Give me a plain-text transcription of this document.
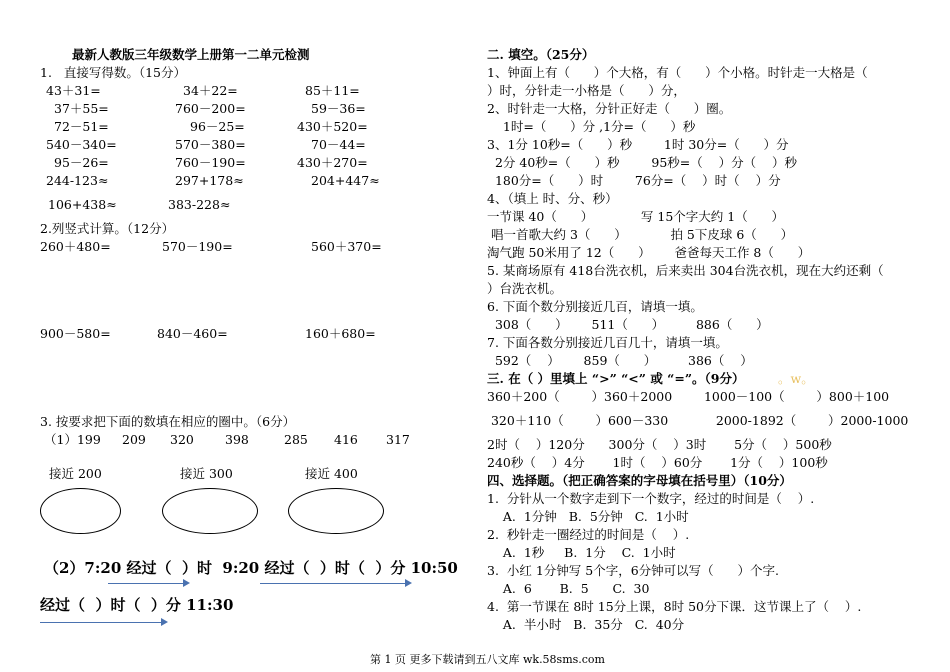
最新人教版三年级数学上册第一二单元检测
1.   直接写得数。（15分）
43＋31=	34＋22=	85＋11=
37＋55=	760－200=	59－36=
72－51=	96－25=	430＋520=
540－340=	570－380=	70－44=
95－26=	760－190=	430＋270=
244-123≈	297+178≈	204+447≈
106+438≈	383-228≈
2.列竖式计算。（12分）
260＋480=	570－190=	560＋370=
900－580=	840－460=	160＋680=
3. 按要求把下面的数填在相应的圈中。（6分）
（1）199 209 320 398	285 416 317
接近 200	接近 300	接近 400
（2）7:20 经过（  ）时  9:20 经过（  ）时（  ）分 10:50
经过（  ）时（  ）分 11:30
二. 填空。（25分）
1、钟面上有（      ）个大格，有（      ）个小格。时针走一大格是（
）时，分针走一小格是（      ）分，
2、时针走一大格，分针正好走（      ）圈。
1时=（      ）分 ,1分=（      ）秒
3、1分 10秒=（      ）秒        1时 30分=（      ）分
2分 40秒=（      ）秒        95秒=（    ）分（    ）秒
180分=（      ）时        76分=（    ）时（    ）分
4、（填上 时、分、秒）
一节课 40（      ）            写 15个字大约 1（      ）
唱一首歌大约 3（      ）           拍 5下皮球 6（      ）
淘气跑 50米用了 12（      ）      爸爸每天工作 8（      ）
5. 某商场原有 418台洗衣机，后来卖出 304台洗衣机，现在大约还剩（
）台洗衣机。
6. 下面个数分别接近几百，请填一填。
308（      ）      511（      ）        886（      ）
7. 下面各数分别接近几百几十，请填一填。
592（    ）      859（      ）        386（    ）
三. 在（ ）里填上 “>” “<” 或 “=”。（9分）	。w。
360＋200（        ）360＋2000        1000－100（        ）800＋100
320＋110（        ）600－330            2000-1892（        ）2000-1000
2时（    ）120分      300分（    ）3时       5分（    ）500秒
240秒（    ）4分       1时（    ）60分       1分（    ）100秒
四、选择题。（把正确答案的字母填在括号里）（10分）
1.  分针从一个数字走到下一个数字，经过的时间是（    ）.
A.  1分钟   B.  5分钟   C.  1小时
2.  秒针走一圈经过的时间是（    ）.
A.  1秒     B.  1分    C.  1小时
3.  小红 1分钟写 5个字，6分钟可以写（      ）个字.
A.  6       B.  5      C.  30
4.  第一节课在 8时 15分上课，8时 50分下课．这节课上了（    ）.
A.  半小时   B.  35分   C.  40分
第 1 页 更多下载请到五八文库 wk.58sms.com
